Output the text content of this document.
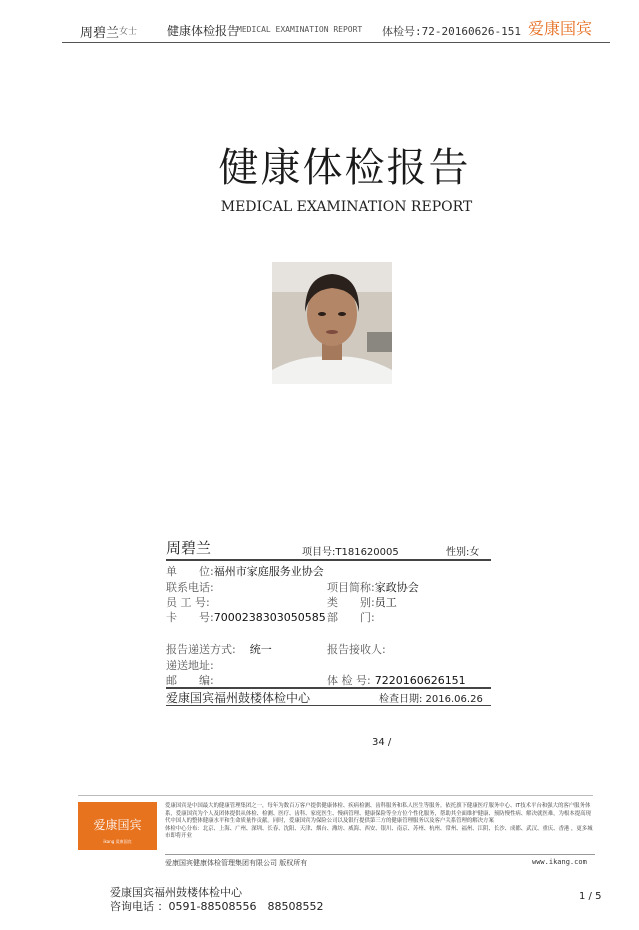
周碧兰 女士 健康体检报告
MEDICAL EXAMINATION REPORT 体检号:72-20160626-151 爱康国宾
健康体检报告
MEDICAL EXAMINATION REPORT
周碧兰	项目号:T181620005	性别:女
单　　位:福州市家庭服务业协会
联系电话:	项目简称:家政协会
员 工 号:	类　　别:员工
卡　　号:7000238303050585 部　　门:
报告递送方式: 统一	报告接收人:
递送地址:
邮　　编:	体 检 号: 7220160626151
爱康国宾福州鼓楼体检中心	检查日期: 2016.06.26
34 /
爱康国宾
ikang 爱康国宾
爱康国宾是中国最大的健康管理集团之一，每年为数百万客户提供健康体检、疾病检测、齿科服务和私人医生等服务。依托旗下健康医疗服务中心、IT技术平台和强大的客户服务体系，爱康国宾为个人及团体提供从体检、检测、医疗、齿科、家庭医生、慢病管理、健康保险等全方位个性化服务，帮助其全面维护健康、预防慢性病、解决就医难，为根本提高现代中国人的整体健康水平和生命质量作贡献。同时，爱康国宾为保险公司以及银行提供第三方的健康管理服务以及客户关系管理的解决方案
体检中心分布：北京、上海、广州、深圳、长春、沈阳、天津、烟台、潍坊、威海、西安、银川、南京、苏州、杭州、常州、福州、江阴、长沙、成都、武汉、重庆、香港 ，更多城市即将开业
爱康国宾健康体检管理集团有限公司 版权所有	www.ikang.com
爱康国宾福州鼓楼体检中心
咨询电话 ：0591-88508556　88508552
1 / 5
